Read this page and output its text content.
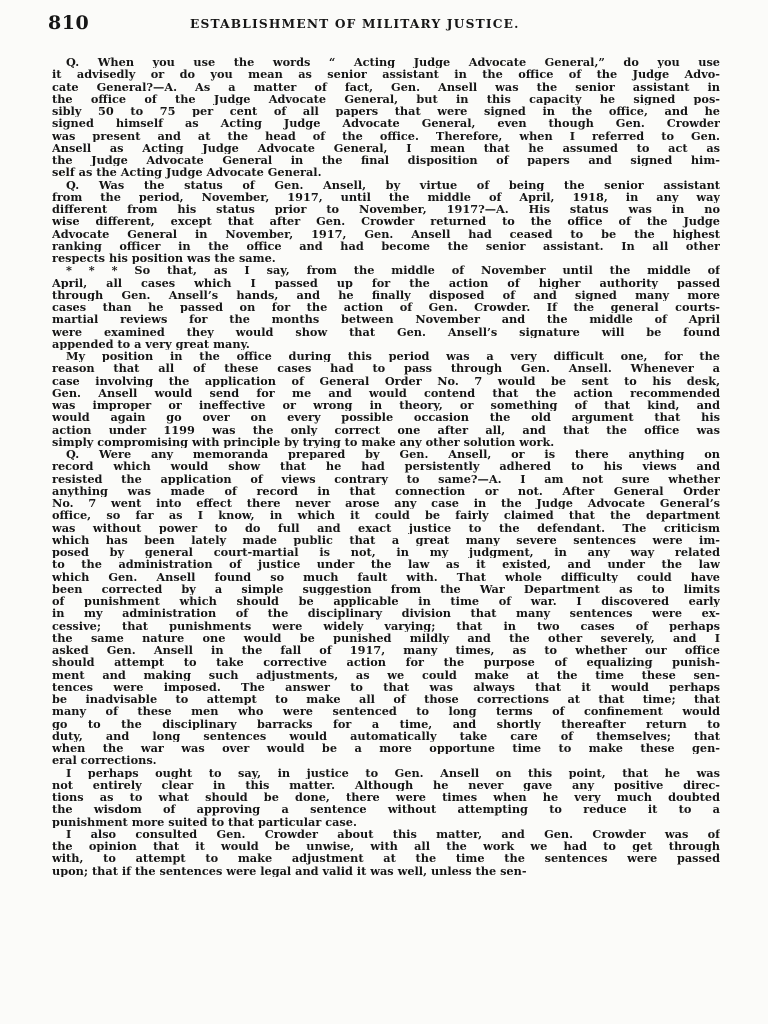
810	ESTABLISHMENT OF MILITARY JUSTICE.
Q. When you use the words “ Acting Judge Advocate General,” do you use
it advisedly or do you mean as senior assistant in the office of the Judge Advo-
cate General?—A. As a matter of fact, Gen. Ansell was the senior assistant in
the office of the Judge Advocate General, but in this capacity he signed pos-
sibly 50 to 75 per cent of all papers that were signed in the office, and he
signed himself as Acting Judge Advocate General, even though Gen. Crowder
was present and at the head of the office. Therefore, when I referred to Gen.
Ansell as Acting Judge Advocate General, I mean that he assumed to act as
the Judge Advocate General in the final disposition of papers and signed him-
self as the Acting Judge Advocate General.
Q. Was the status of Gen. Ansell, by virtue of being the senior assistant
from the period, November, 1917, until the middle of April, 1918, in any way
different from his status prior to November, 1917?—A. His status was in no
wise different, except that after Gen. Crowder returned to the office of the Judge
Advocate General in November, 1917, Gen. Ansell had ceased to be the highest
ranking officer in the office and had become the senior assistant. In all other
respects his position was the same.
* * * So that, as I say, from the middle of November until the middle of
April, all cases which I passed up for the action of higher authority passed
through Gen. Ansell’s hands, and he finally disposed of and signed many more
cases than he passed on for the action of Gen. Crowder. If the general courts-
martial reviews for the months between November and the middle of April
were examined they would show that Gen. Ansell’s signature will be found
appended to a very great many.
My position in the office during this period was a very difficult one, for the
reason that all of these cases had to pass through Gen. Ansell. Whenever a
case involving the application of General Order No. 7 would be sent to his desk,
Gen. Ansell would send for me and would contend that the action recommended
was improper or ineffective or wrong in theory, or something of that kind, and
would again go over on every possible occasion the old argument that his
action under 1199 was the only correct one after all, and that the office was
simply compromising with principle by trying to make any other solution work.
Q. Were any memoranda prepared by Gen. Ansell, or is there anything on
record which would show that he had persistently adhered to his views and
resisted the application of views contrary to same?—A. I am not sure whether
anything was made of record in that connection or not. After General Order
No. 7 went into effect there never arose any case in the Judge Advocate General’s
office, so far as I know, in which it could be fairly claimed that the department
was without power to do full and exact justice to the defendant. The criticism
which has been lately made public that a great many severe sentences were im-
posed by general court-martial is not, in my judgment, in any way related
to the administration of justice under the law as it existed, and under the law
which Gen. Ansell found so much fault with. That whole difficulty could have
been corrected by a simple suggestion from the War Department as to limits
of punishment which should be applicable in time of war. I discovered early
in my administration of the disciplinary division that many sentences were ex-
cessive; that punishments were widely varying; that in two cases of perhaps
the same nature one would be punished mildly and the other severely, and I
asked Gen. Ansell in the fall of 1917, many times, as to whether our office
should attempt to take corrective action for the purpose of equalizing punish-
ment and making such adjustments, as we could make at the time these sen-
tences were imposed. The answer to that was always that it would perhaps
be inadvisable to attempt to make all of those corrections at that time; that
many of these men who were sentenced to long terms of confinement would
go to the disciplinary barracks for a time, and shortly thereafter return to
duty, and long sentences would automatically take care of themselves; that
when the war was over would be a more opportune time to make these gen-
eral corrections.
I perhaps ought to say, in justice to Gen. Ansell on this point, that he was
not entirely clear in this matter. Although he never gave any positive direc-
tions as to what should be done, there were times when he very much doubted
the wisdom of approving a sentence without attempting to reduce it to a
punishment more suited to that particular case.
I also consulted Gen. Crowder about this matter, and Gen. Crowder was of
the opinion that it would be unwise, with all the work we had to get through
with, to attempt to make adjustment at the time the sentences were passed
upon; that if the sentences were legal and valid it was well, unless the sen-
